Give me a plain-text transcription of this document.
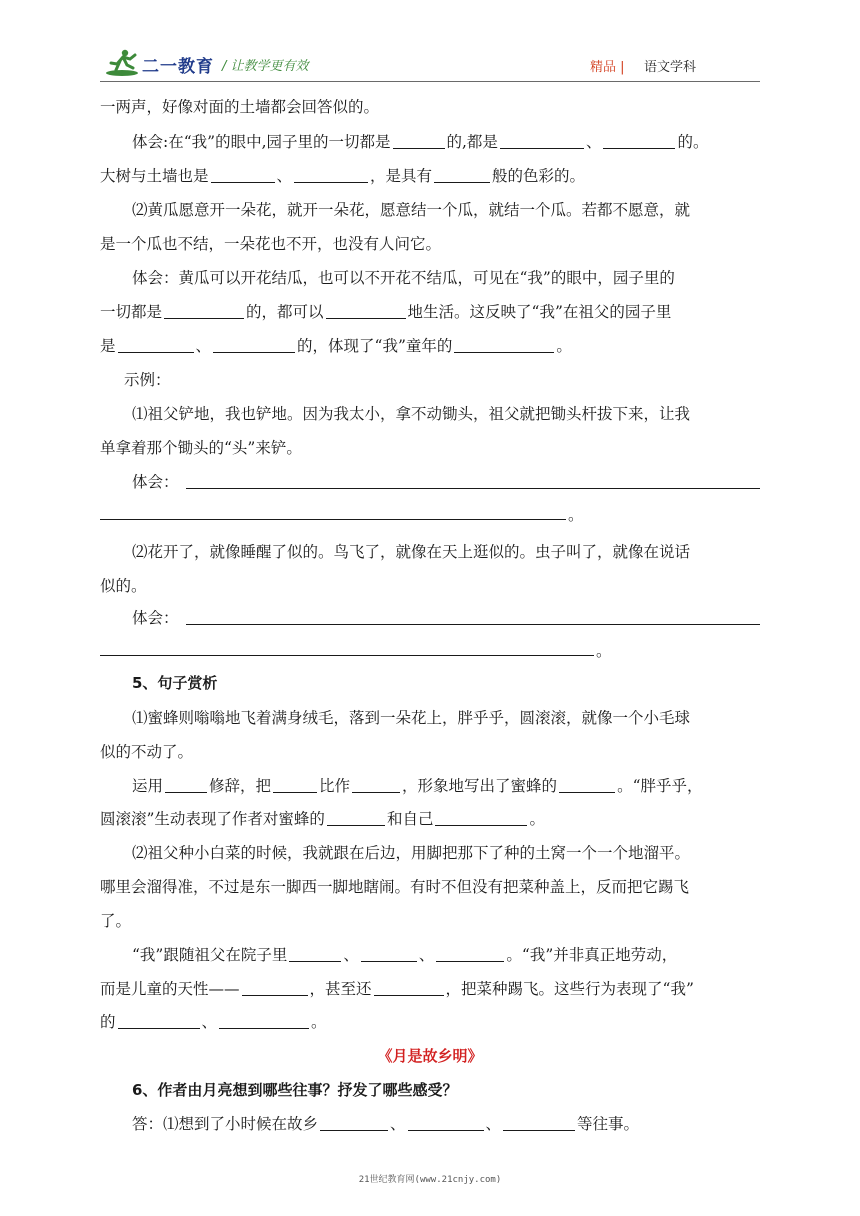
二一教育 / 让教学更有效	精品 | 语文学科
一两声，好像对面的土墙都会回答似的。
体会:在“我”的眼中,园子里的一切都是	的,都是	、	的。
大树与土墙也是	、	，是具有	般的色彩的。
⑵黄瓜愿意开一朵花，就开一朵花，愿意结一个瓜，就结一个瓜。若都不愿意，就
是一个瓜也不结，一朵花也不开，也没有人问它。
体会：黄瓜可以开花结瓜，也可以不开花不结瓜，可见在“我”的眼中，园子里的
一切都是	的，都可以	地生活。这反映了“我”在祖父的园子里
是	、	的，体现了“我”童年的	。
示例：
⑴祖父铲地，我也铲地。因为我太小，拿不动锄头，祖父就把锄头杆拔下来，让我
单拿着那个锄头的“头”来铲。
体会：
。
⑵花开了，就像睡醒了似的。鸟飞了，就像在天上逛似的。虫子叫了，就像在说话
似的。
体会：
。
5、句子赏析
⑴蜜蜂则嗡嗡地飞着满身绒毛，落到一朵花上，胖乎乎，圆滚滚，就像一个小毛球
似的不动了。
运用	修辞，把	比作	，形象地写出了蜜蜂的	。“胖乎乎，
圆滚滚”生动表现了作者对蜜蜂的	和自己	。
⑵祖父种小白菜的时候，我就跟在后边，用脚把那下了种的土窝一个一个地溜平。
哪里会溜得准，不过是东一脚西一脚地瞎闹。有时不但没有把菜种盖上，反而把它踢飞
了。
“我”跟随祖父在院子里	、	、	。“我”并非真正地劳动，
而是儿童的天性——	，甚至还	，把菜种踢飞。这些行为表现了“我”
的	、	。
《月是故乡明》
6、作者由月亮想到哪些往事？抒发了哪些感受？
答：⑴想到了小时候在故乡	、	、	等往事。
21世纪教育网(www.21cnjy.com)
